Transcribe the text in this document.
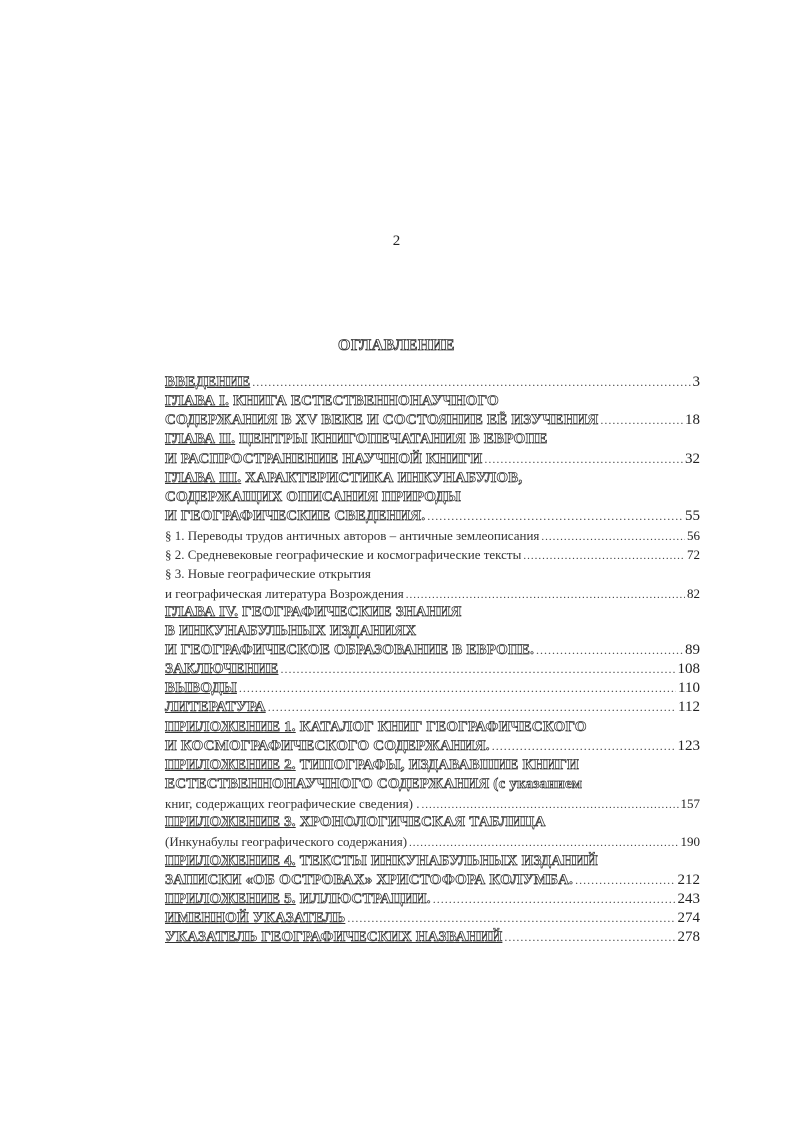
2
ОГЛАВЛЕНИЕ
ВВЕДЕНИЕ .....	3
ГЛАВА I. КНИГА ЕСТЕСТВЕННОНАУЧНОГО
СОДЕРЖАНИЯ В XV ВЕКЕ И СОСТОЯНИЕ ЕЁ ИЗУЧЕНИЯ .....	18
ГЛАВА II. ЦЕНТРЫ КНИГОПЕЧАТАНИЯ В ЕВРОПЕ
И РАСПРОСТРАНЕНИЕ НАУЧНОЙ КНИГИ .....	32
ГЛАВА III. ХАРАКТЕРИСТИКА ИНКУНАБУЛОВ,
СОДЕРЖАЩИХ ОПИСАНИЯ ПРИРОДЫ
И ГЕОГРАФИЧЕСКИЕ СВЕДЕНИЯ. .....	55
§ 1. Переводы трудов античных авторов – античные землеописания .....	56
§ 2. Средневековые географические и космографические тексты .....	72
§ 3. Новые географические открытия
и географическая литература Возрождения .....	82
ГЛАВА IV. ГЕОГРАФИЧЕСКИЕ ЗНАНИЯ
В ИНКУНАБУЛЬНЫХ ИЗДАНИЯХ
И ГЕОГРАФИЧЕСКОЕ ОБРАЗОВАНИЕ В ЕВРОПЕ. .....	89
ЗАКЛЮЧЕНИЕ .....	108
ВЫВОДЫ .....	110
ЛИТЕРАТУРА .....	112
ПРИЛОЖЕНИЕ 1. КАТАЛОГ КНИГ ГЕОГРАФИЧЕСКОГО
И КОСМОГРАФИЧЕСКОГО СОДЕРЖАНИЯ. .....	123
ПРИЛОЖЕНИЕ 2. ТИПОГРАФЫ, ИЗДАВАВШИЕ КНИГИ
ЕСТЕСТВЕННОНАУЧНОГО СОДЕРЖАНИЯ (с указанием
книг, содержащих географические сведения) . .....	157
ПРИЛОЖЕНИЕ 3. ХРОНОЛОГИЧЕСКАЯ ТАБЛИЦА
(Инкунабулы географического содержания) .....	190
ПРИЛОЖЕНИЕ 4. ТЕКСТЫ ИНКУНАБУЛЬНЫХ ИЗДАНИЙ
ЗАПИСКИ «ОБ ОСТРОВАХ» ХРИСТОФОРА КОЛУМБА. .....	212
ПРИЛОЖЕНИЕ 5. ИЛЛЮСТРАЦИИ. .....	243
ИМЕННОЙ УКАЗАТЕЛЬ .....	274
УКАЗАТЕЛЬ ГЕОГРАФИЧЕСКИХ НАЗВАНИЙ .....	278
